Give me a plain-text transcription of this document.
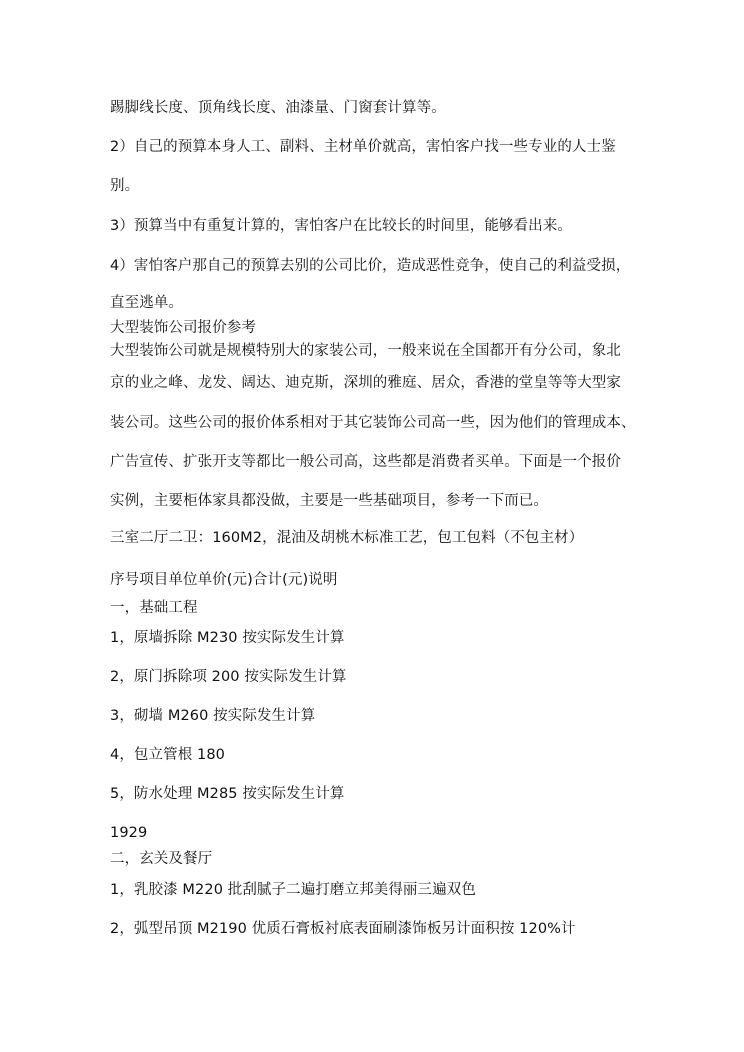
踢脚线长度、顶角线长度、油漆量、门窗套计算等。
2）自己的预算本身人工、副料、主材单价就高，害怕客户找一些专业的人士鉴
别。
3）预算当中有重复计算的，害怕客户在比较长的时间里，能够看出来。
4）害怕客户那自己的预算去别的公司比价，造成恶性竞争，使自己的利益受损，
直至逃单。
大型装饰公司报价参考
大型装饰公司就是规模特别大的家装公司，一般来说在全国都开有分公司，象北
京的业之峰、龙发、阔达、迪克斯，深圳的雅庭、居众，香港的堂皇等等大型家
装公司。这些公司的报价体系相对于其它装饰公司高一些，因为他们的管理成本、
广告宣传、扩张开支等都比一般公司高，这些都是消费者买单。下面是一个报价
实例，主要柜体家具都没做，主要是一些基础项目，参考一下而已。
三室二厅二卫：160M2，混油及胡桃木标准工艺，包工包料（不包主材）
序号项目单位单价(元)合计(元)说明
一，基础工程
1，原墙拆除 M230 按实际发生计算
2，原门拆除项 200 按实际发生计算
3，砌墙 M260 按实际发生计算
4，包立管根 180
5，防水处理 M285 按实际发生计算
1929
二，玄关及餐厅
1，乳胶漆 M220 批刮腻子二遍打磨立邦美得丽三遍双色
2，弧型吊顶 M2190 优质石膏板衬底表面刷漆饰板另计面积按 120%计
